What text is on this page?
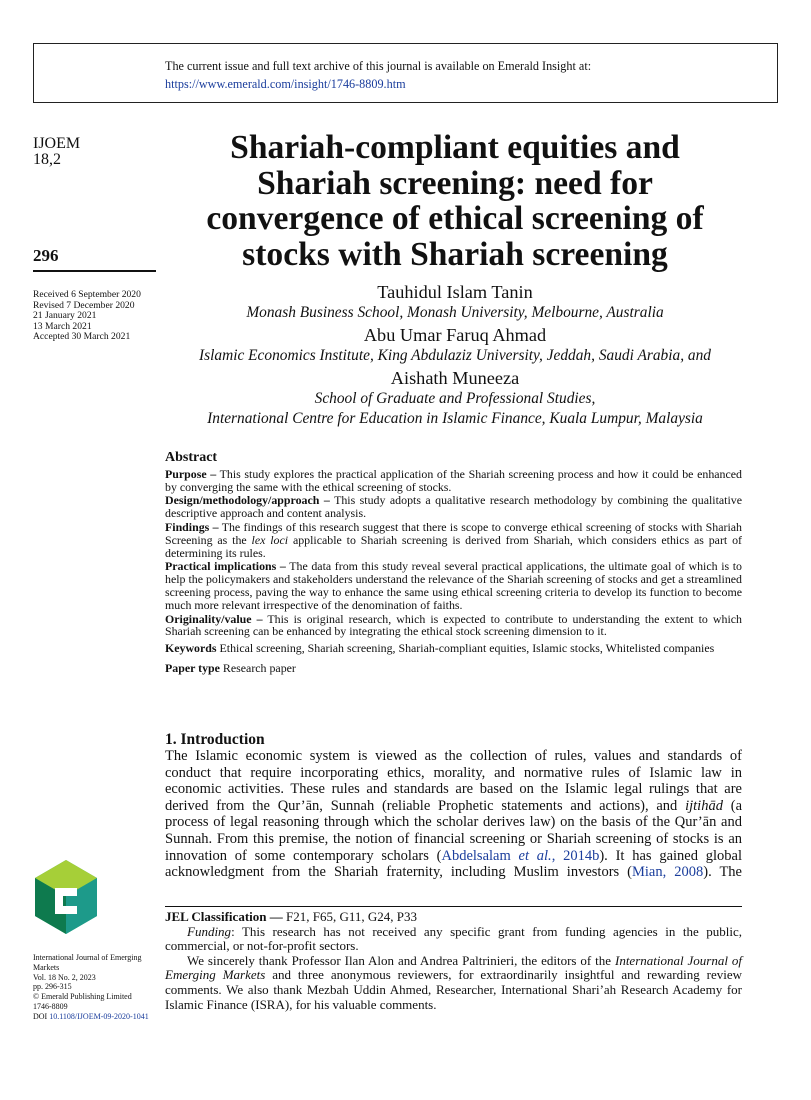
The current issue and full text archive of this journal is available on Emerald Insight at:
https://www.emerald.com/insight/1746-8809.htm
IJOEM
18,2
296
Received 6 September 2020
Revised 7 December 2020
21 January 2021
13 March 2021
Accepted 30 March 2021
International Journal of Emerging
Markets
Vol. 18 No. 2, 2023
pp. 296-315
© Emerald Publishing Limited
1746-8809
DOI 10.1108/IJOEM-09-2020-1041
Shariah-compliant equities and
Shariah screening: need for
convergence of ethical screening of
stocks with Shariah screening
Tauhidul Islam Tanin
Monash Business School, Monash University, Melbourne, Australia
Abu Umar Faruq Ahmad
Islamic Economics Institute, King Abdulaziz University, Jeddah, Saudi Arabia, and
Aishath Muneeza
School of Graduate and Professional Studies,
International Centre for Education in Islamic Finance, Kuala Lumpur, Malaysia
Abstract
Purpose – This study explores the practical application of the Shariah screening process and how it could be enhanced by converging the same with the ethical screening of stocks.
Design/methodology/approach – This study adopts a qualitative research methodology by combining the qualitative descriptive approach and content analysis.
Findings – The findings of this research suggest that there is scope to converge ethical screening of stocks with Shariah Screening as the lex loci applicable to Shariah screening is derived from Shariah, which considers ethics as part of determining its rules.
Practical implications – The data from this study reveal several practical applications, the ultimate goal of which is to help the policymakers and stakeholders understand the relevance of the Shariah screening of stocks and get a streamlined screening process, paving the way to enhance the same using ethical screening criteria to develop its function to become much more relevant irrespective of the denomination of faiths.
Originality/value – This is original research, which is expected to contribute to understanding the extent to which Shariah screening can be enhanced by integrating the ethical stock screening dimension to it.
Keywords Ethical screening, Shariah screening, Shariah-compliant equities, Islamic stocks, Whitelisted companies
Paper type Research paper
1. Introduction
The Islamic economic system is viewed as the collection of rules, values and standards of
conduct that require incorporating ethics, morality, and normative rules of Islamic law in
economic activities. These rules and standards are based on the Islamic legal rulings that are
derived from the Qur’ān, Sunnah (reliable Prophetic statements and actions), and ijtihād (a
process of legal reasoning through which the scholar derives law) on the basis of the Qur’ān and
Sunnah. From this premise, the notion of financial screening or Shariah screening of stocks is an
innovation of some contemporary scholars (Abdelsalam et al., 2014b). It has gained global
acknowledgment from the Shariah fraternity, including Muslim investors (Mian, 2008). The
JEL Classification — F21, F65, G11, G24, P33
Funding: This research has not received any specific grant from funding agencies in the public, commercial, or not-for-profit sectors.
We sincerely thank Professor Ilan Alon and Andrea Paltrinieri, the editors of the International Journal of Emerging Markets and three anonymous reviewers, for extraordinarily insightful and rewarding review comments. We also thank Mezbah Uddin Ahmed, Researcher, International Shari’ah Research Academy for Islamic Finance (ISRA), for his valuable comments.
